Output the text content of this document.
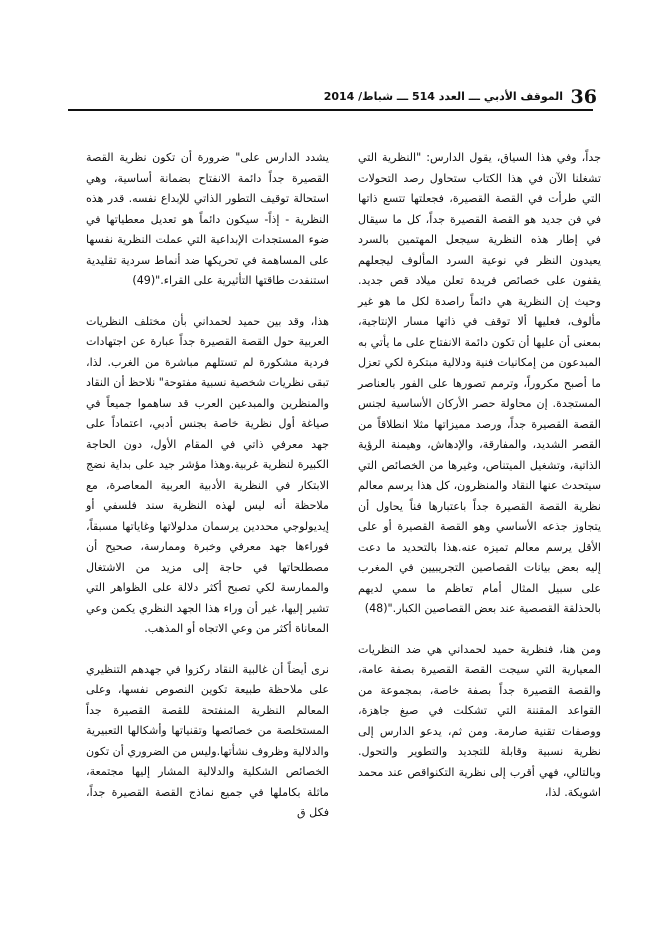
36
الموقف الأدبي ـــ العدد 514 ـــ شباط/ 2014

جداً، وفي هذا السياق، يقول الدارس: "النظرية التي تشغلنا الآن في هذا الكتاب ستحاول رصد التحولات التي طرأت في القصة القصيرة، فجعلتها تتسع ذاتها في فن جديد هو القصة القصيرة جداً، كل ما سيقال في إطار هذه النظرية سيجعل المهتمين بالسرد يعيدون النظر في نوعية السرد المألوف ليجعلهم يقفون على خصائص فريدة تعلن ميلاد قص جديد. وحيث إن النظرية هي دائماً راصدة لكل ما هو غير مألوف، فعليها ألا توقف في ذاتها مسار الإنتاجية، بمعنى أن عليها أن تكون دائمة الانفتاح على ما يأتي به المبدعون من إمكانيات فنية ودلالية مبتكرة لكي تعزل ما أصبح مكروراً، وترمم تصورها على الفور بالعناصر المستجدة. إن محاولة حصر الأركان الأساسية لجنس القصة القصيرة جداً، ورصد مميزاتها مثلا انطلاقاً من القصر الشديد، والمفارقة، والإدهاش، وهيمنة الرؤية الذاتية، وتشغيل الميتناص، وغيرها من الخصائص التي سيتحدث عنها النقاد والمنظرون، كل هذا يرسم معالم نظرية القصة القصيرة جداً باعتبارها فناً يحاول أن يتجاوز جذعه الأساسي وهو القصة القصيرة أو على الأقل يرسم معالم تميزه عنه.هذا بالتحديد ما دعت إليه بعض بيانات القصاصين التجريبيين في المغرب على سبيل المثال أمام تعاظم ما سمي لديهم بالحذلقة القصصية عند بعض القصاصين الكبار."(48)

ومن هنا، فنظرية حميد لحمداني هي ضد النظريات المعيارية التي سيجت القصة القصيرة بصفة عامة، والقصة القصيرة جداً بصفة خاصة، بمجموعة من القواعد المقننة التي تشكلت في صيغ جاهزة، ووصفات تقنية صارمة. ومن ثم، يدعو الدارس إلى نظرية نسبية وقابلة للتجديد والتطوير والتحول. وبالتالي، فهي أقرب إلى نظرية التكنواقص عند محمد اشويكة. لذا،

يشدد الدارس على" ضرورة أن تكون نظرية القصة القصيرة جداً دائمة الانفتاح بضمانة أساسية، وهي استحالة توقيف التطور الذاتي للإبداع نفسه. قدر هذه النظرية - إذاً- سيكون دائماً هو تعديل معطياتها في ضوء المستجدات الإبداعية التي عملت النظرية نفسها على المساهمة في تحريكها ضد أنماط سردية تقليدية استنفدت طاقتها التأثيرية على القراء."(49)

هذا، وقد بين حميد لحمداني بأن مختلف النظريات العربية حول القصة القصيرة جداً عبارة عن اجتهادات فردية مشكورة لم تستلهم مباشرة من الغرب. لذا، تبقى نظريات شخصية نسبية مفتوحة" نلاحظ أن النقاد والمنظرين والمبدعين العرب قد ساهموا جميعاً في صياغة أول نظرية خاصة بجنس أدبي، اعتماداً على جهد معرفي ذاتي في المقام الأول، دون الحاجة الكبيرة لنظرية غربية.وهذا مؤشر جيد على بداية نضج الابتكار في النظرية الأدبية العربية المعاصرة، مع ملاحظة أنه ليس لهذه النظرية سند فلسفي أو إيديولوجي محددين يرسمان مدلولاتها وغاياتها مسبقاً، فوراءها جهد معرفي وخبرة وممارسة، صحيح أن مصطلحاتها في حاجة إلى مزيد من الاشتغال والممارسة لكي تصبح أكثر دلالة على الظواهر التي تشير إليها، غير أن وراء هذا الجهد النظري يكمن وعي المعاناة أكثر من وعي الاتجاه أو المذهب.

نرى أيضاً أن غالبية النقاد ركزوا في جهدهم التنظيري على ملاحظة طبيعة تكوين النصوص نفسها، وعلى المعالم النظرية المنفتحة للقصة القصيرة جداً المستخلصة من خصائصها وتقنياتها وأشكالها التعبيرية والدلالية وظروف نشأتها.وليس من الضروري أن تكون الخصائص الشكلية والدلالية المشار إليها مجتمعة، ماثلة بكاملها في جميع نماذج القصة القصيرة جداً، فكل ق
